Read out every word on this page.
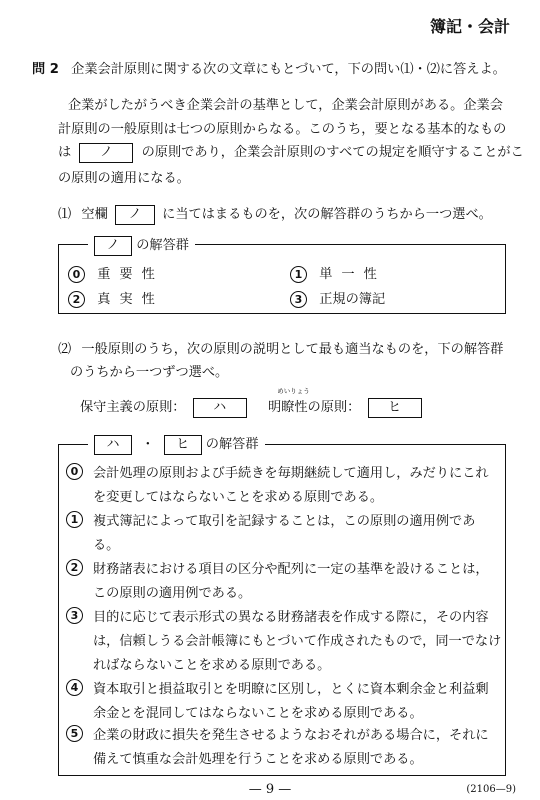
簿記・会計
問 2 企業会計原則に関する次の文章にもとづいて，下の問い⑴・⑵に答えよ。
企業がしたがうべき企業会計の基準として，企業会計原則がある。企業会
計原則の一般原則は七つの原則からなる。このうち，要となる基本的なもの
は ノ の原則であり，企業会計原則のすべての規定を順守することがこ
の原則の適用になる。
⑴ 空欄 ノ に当てはまるものを，次の解答群のうちから一つ選べ。
ノ の解答群
0 重要性	1 単一性
2 真実性	3 正規の簿記
⑵ 一般原則のうち，次の原則の説明として最も適当なものを，下の解答群
のうちから一つずつ選べ。
保守主義の原則： ハ	明
めいりょう
瞭性の原則： ヒ
ハ ・ ヒ の解答群
0	会計処理の原則および手続きを毎期継続して適用し，みだりにこれ
を変更してはならないことを求める原則である。
1	複式簿記によって取引を記録することは，この原則の適用例であ
る。
2	財務諸表における項目の区分や配列に一定の基準を設けることは，
この原則の適用例である。
3	目的に応じて表示形式の異なる財務諸表を作成する際に，その内容
は，信頼しうる会計帳簿にもとづいて作成されたもので，同一でなけ
ればならないことを求める原則である。
4	資本取引と損益取引とを明瞭に区別し，とくに資本剰余金と利益剰
余金とを混同してはならないことを求める原則である。
5	企業の財政に損失を発生させるようなおそれがある場合に，それに
備えて慎重な会計処理を行うことを求める原則である。
— 9 —	(2106—9)
